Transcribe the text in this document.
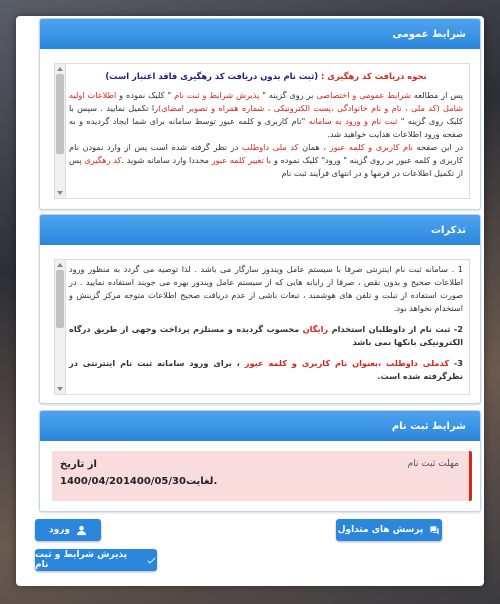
شرایط عمومی
نحوه دریافت کد رهگیری : (ثبت نام بدون دریافت کد رهگیری فاقد اعتبار است)
پس از مطالعه شرایط عمومی و اختصاصی بر روی گزینه " پذیرش شرایط و ثبت نام " کلیک نموده و اطلاعات اولیه شامل (کد ملی ، نام و نام خانوادگی ،پست الکترونیکی ، شماره همراه و تصویر امضای)را تکمیل نمایید . سپس با کلیک روی گزینه " ثبت نام و ورود به سامانه "نام کاربری و کلمه عبور توسط سامانه برای شما ایجاد گردیده و به صفحه ورود اطلاعات هدایت خواهید شد.
در این صفحه نام کاربری و کلمه عبور ، همان کد ملی داوطلب در نظر گرفته شده است پس از وارد نمودن نام کاربری و کلمه عبور بر روی گزینه " ورود" کلیک نموده و با تغییر کلمه عبور مجددا وارد سامانه شوید .کد رهگیری پس از تکمیل اطلاعات در فرمها و در انتهای فرآیند ثبت نام
تذکرات
1 . سامانه ثبت نام اینترنتی صرفا با سیستم عامل ویندوز سازگار می باشد . لذا توصیه می گردد به منظور ورود اطلاعات صحیح و بدون نقص ، صرفا از رایانه هایی که از سیستم عامل ویندوز بهره می جویند استفاده نمایید . در صورت استفاده از تبلت و تلفن های هوشمند ، تبعات ناشی از عدم دریافت صحیح اطلاعات متوجه مرکز گزینش و استخدام نخواهد بود.
2- ثبت نام از داوطلبان استخدام رایگان محسوب گردیده و مستلزم پرداخت وجهی از طریق درگاه الکترونیکی بانکها نمی باشد
3- کدملی داوطلب ،بعنوان نام کاربری و کلمه عبور ، برای ورود سامانه ثبت نام اینترنتی در نظرگرفته شده است.
شرایط ثبت نام
مهلت ثبت نام
از تاریخ
1400/04/20لغایت1400/05/30.
پرسش های متداول
ورود
پذیرش شرایط و ثبت نام
